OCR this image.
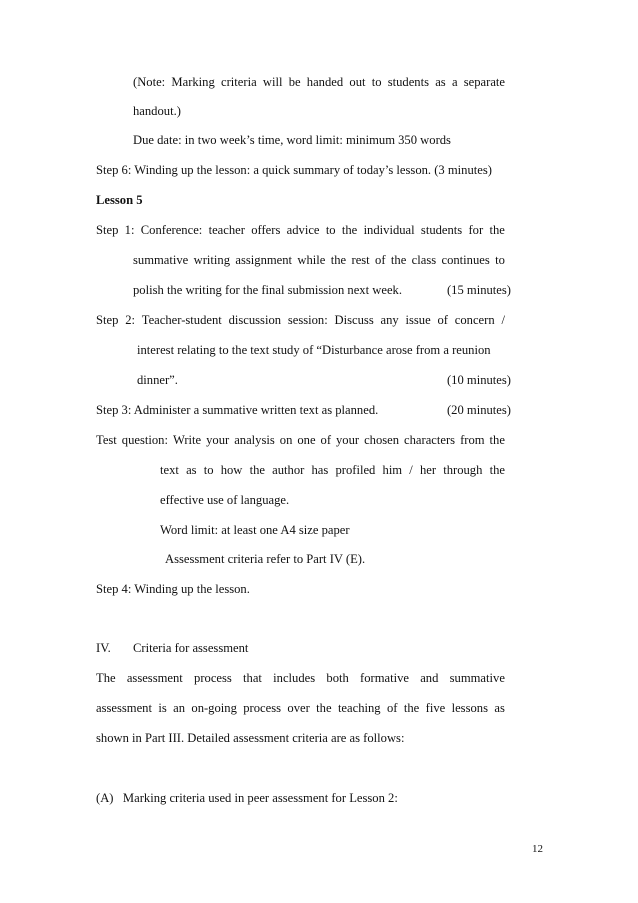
(Note: Marking criteria will be handed out to students as a separate
handout.)
Due date: in two week’s time, word limit: minimum 350 words
Step 6: Winding up the lesson: a quick summary of today’s lesson. (3 minutes)
Lesson 5
Step 1: Conference: teacher offers advice to the individual students for the
summative writing assignment while the rest of the class continues to
polish the writing for the final submission next week.	(15 minutes)
Step 2: Teacher-student discussion session: Discuss any issue of concern /
interest relating to the text study of “Disturbance arose from a reunion
dinner”.	(10 minutes)
Step 3: Administer a summative written text as planned.	(20 minutes)
Test question: Write your analysis on one of your chosen characters from the
text as to how the author has profiled him / her through the
effective use of language.
Word limit: at least one A4 size paper
Assessment criteria refer to Part IV (E).
Step 4: Winding up the lesson.
IV. Criteria for assessment
The assessment process that includes both formative and summative
assessment is an on-going process over the teaching of the five lessons as
shown in Part III. Detailed assessment criteria are as follows:
(A)   Marking criteria used in peer assessment for Lesson 2:
12
